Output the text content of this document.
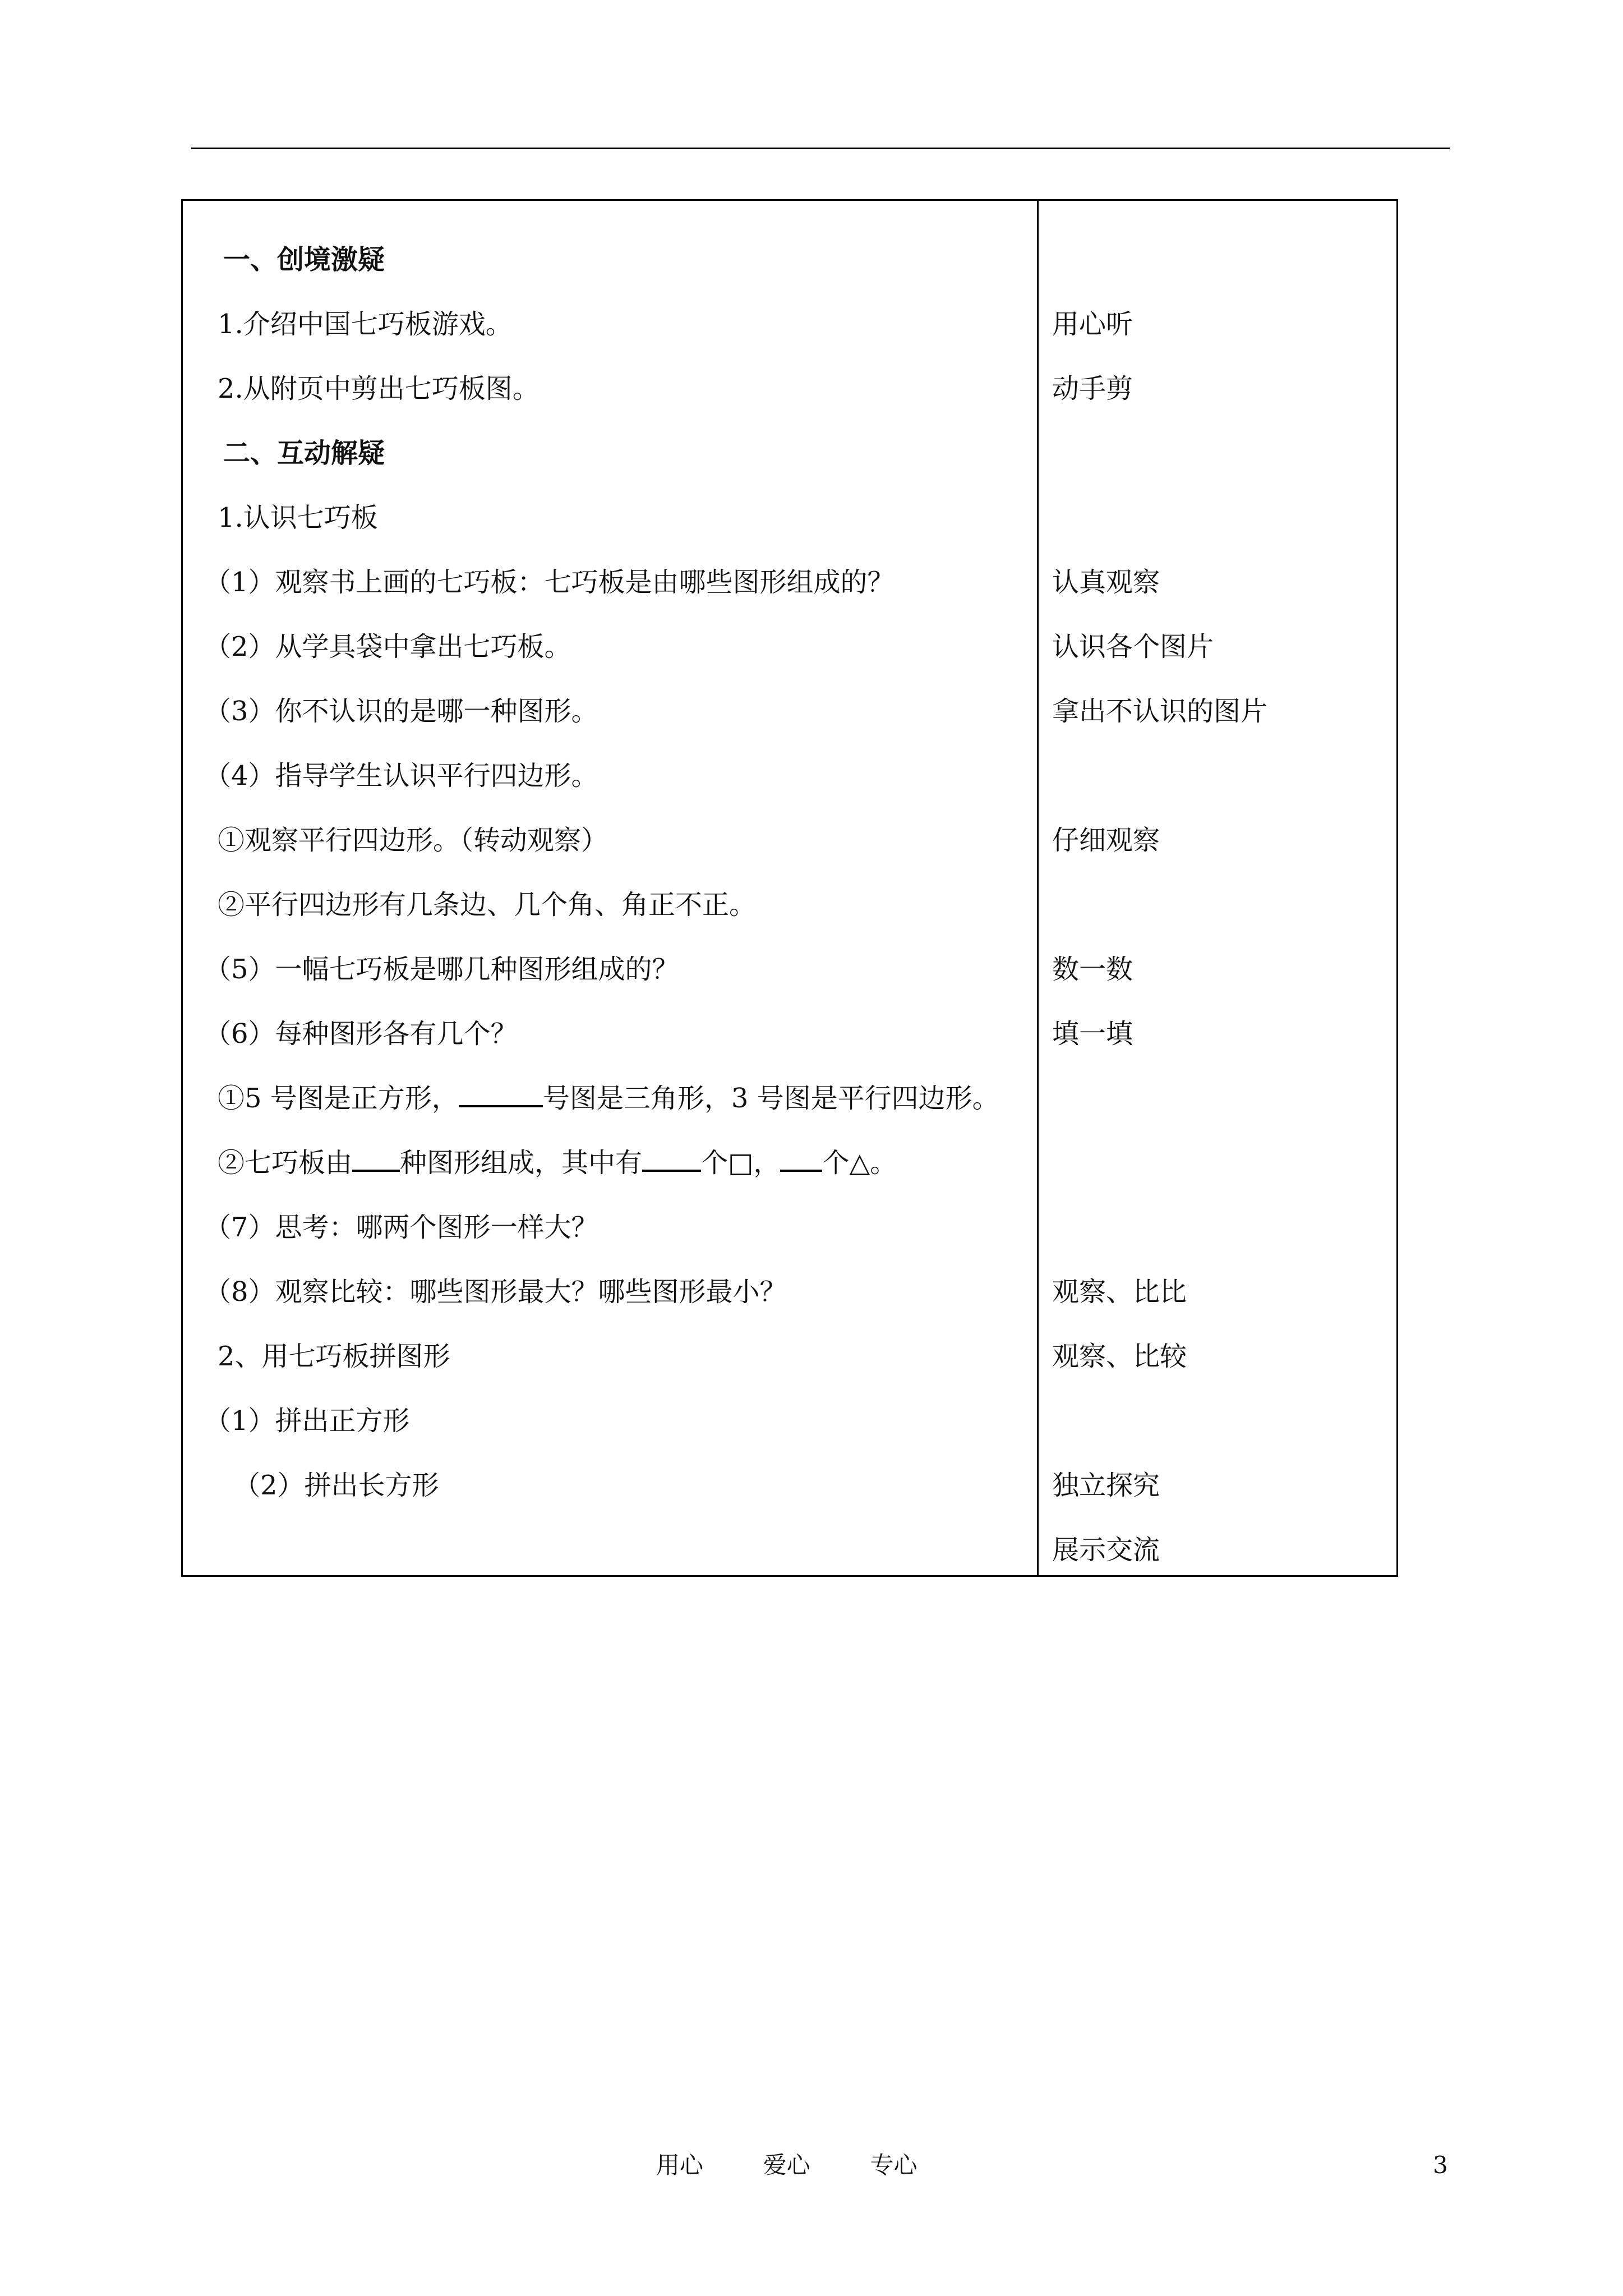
一、创境激疑
1.介绍中国七巧板游戏。
2.从附页中剪出七巧板图。
二、互动解疑
1.认识七巧板
（1）观察书上画的七巧板：七巧板是由哪些图形组成的？
（2）从学具袋中拿出七巧板。
（3）你不认识的是哪一种图形。
（4）指导学生认识平行四边形。
①观察平行四边形。（转动观察）
②平行四边形有几条边、几个角、角正不正。
（5）一幅七巧板是哪几种图形组成的？
（6）每种图形各有几个？
①5 号图是正方形，	号图是三角形，3 号图是平行四边形。
②七巧板由 种图形组成，其中有 个□， 个△。
（7）思考：哪两个图形一样大？
（8）观察比较：哪些图形最大？哪些图形最小？
2、用七巧板拼图形
（1）拼出正方形
（2）拼出长方形
用心听
动手剪
认真观察
认识各个图片
拿出不认识的图片
仔细观察
数一数
填一填
观察、比比
观察、比较
独立探究
展示交流
用心        爱心        专心	3
